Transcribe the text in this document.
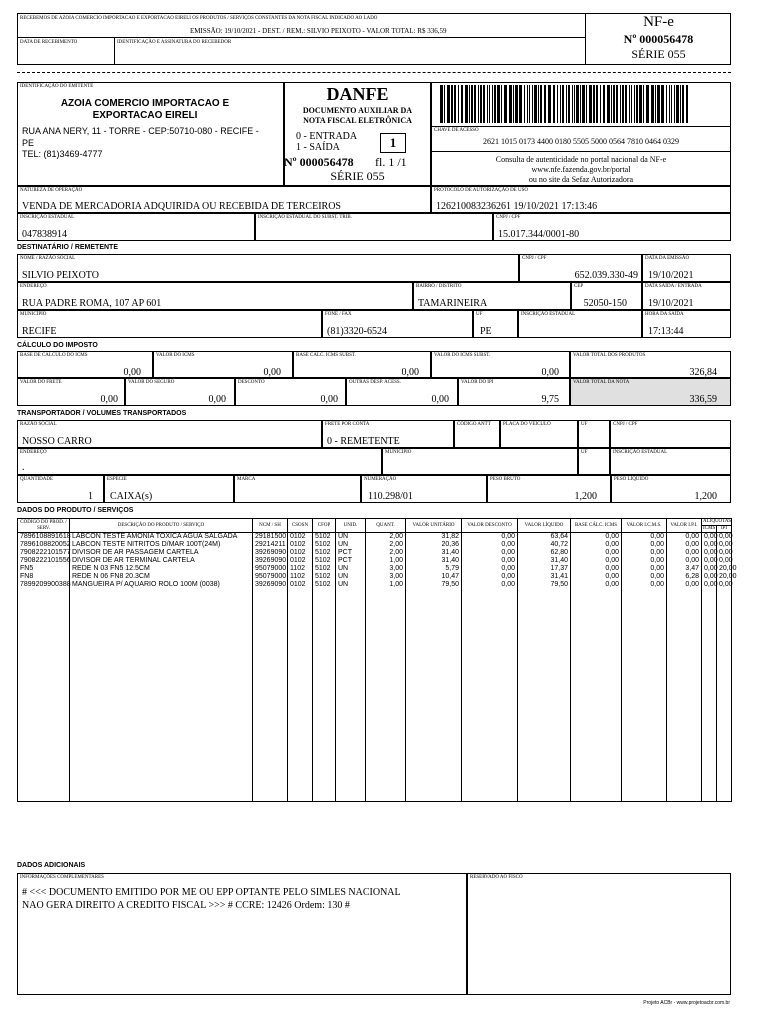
RECEBEMOS DE AZOIA COMERCIO IMPORTACAO E EXPORTACAO EIRELI OS PRODUTOS / SERVIÇOS CONSTANTES DA NOTA FISCAL INDICADO AO LADO
EMISSÃO: 19/10/2021 - DEST. / REM.: SILVIO PEIXOTO - VALOR TOTAL: R$ 336,59
DATA DE RECEBIMENTO	IDENTIFICAÇÃO E ASSINATURA DO RECEBEDOR
NF-e
Nº 000056478
SÉRIE 055
IDENTIFICAÇÃO DO EMITENTE
AZOIA COMERCIO IMPORTACAO E
EXPORTACAO EIRELI
RUA ANA NERY, 11 - TORRE - CEP:50710-080 - RECIFE -
PE
TEL: (81)3469-4777
DANFE
DOCUMENTO AUXILIAR DA
NOTA FISCAL ELETRÔNICA
0 - ENTRADA
1 - SAÍDA	1
Nº 000056478 fl. 1 /1
SÉRIE 055
CHAVE DE ACESSO
2621 1015 0173 4400 0180 5505 5000 0564 7810 0464 0329
Consulta de autenticidade no portal nacional da NF-e
www.nfe.fazenda.gov.br/portal
ou no site da Sefaz Autorizadora
NATUREZA DE OPERAÇÃO
VENDA DE MERCADORIA ADQUIRIDA OU RECEBIDA DE TERCEIROS
PROTOCOLO DE AUTORIZAÇÃO DE USO
126210083236261 19/10/2021 17:13:46
INSCRIÇÃO ESTADUAL
047838914
INSCRIÇÃO ESTADUAL DO SUBST. TRIB.	CNPJ / CPF
15.017.344/0001-80
DESTINATÁRIO / REMETENTE
NOME / RAZÃO SOCIAL
SILVIO PEIXOTO
CNPJ / CPF
652.039.330-49
DATA DA EMISSÃO
19/10/2021
ENDEREÇO
RUA PADRE ROMA, 107 AP 601
BAIRRO / DISTRITO
TAMARINEIRA
CEP
52050-150
DATA SAÍDA / ENTRADA
19/10/2021
MUNICÍPIO
RECIFE
FONE / FAX
(81)3320-6524
UF
PE
INSCRIÇÃO ESTADUAL	HORA DA SAÍDA
17:13:44
CÁLCULO DO IMPOSTO
BASE DE CÁLCULO DO ICMS
0,00
VALOR DO ICMS
0,00
BASE CALC. ICMS SUBST.
0,00
VALOR DO ICMS SUBST.
0,00
VALOR TOTAL DOS PRODUTOS
326,84
VALOR DO FRETE
0,00
VALOR DO SEGURO
0,00
DESCONTO
0,00
OUTRAS DESP. ACESS.
0,00
VALOR DO IPI
9,75
VALOR TOTAL DA NOTA
336,59
TRANSPORTADOR / VOLUMES TRANSPORTADOS
RAZÃO SOCIAL
NOSSO CARRO
FRETE POR CONTA
0 - REMETENTE
CÓDIGO ANTT PLACA DO VEÍCULO	UF	CNPJ / CPF
ENDEREÇO
.
MUNICÍPIO	UF	INSCRIÇÃO ESTADUAL
QUANTIDADE
1
ESPÉCIE
CAIXA(s)
MARCA	NUMERAÇÃO
110.298/01
PESO BRUTO
1,200
PESO LÍQUIDO
1,200
DADOS DO PRODUTO / SERVIÇOS
CÓDIGO DO PROD. / SERV.	DESCRIÇÃO DO PRODUTO / SERVIÇO	NCM / SH	CSOSN	CFOP	UNID.	QUANT.	VALOR UNITÁRIO	VALOR DESCONTO	VALOR LÍQUIDO	BASE CÁLC. ICMS	VALOR I.C.M.S.	VALOR I.P.I.	ALÍQUOTAS	
													ICMS	IPI
7896108891618	LABCON TESTE AMONIA TOXICA AGUA SALGADA	29181500	0102	5102	UN	2,00	31,82	0,00	63,64	0,00	0,00	0,00	0,00	0,00
7896108820052	LABCON TESTE NITRITOS D/MAR 100T(24M)	29214211	0102	5102	UN	2,00	20,36	0,00	40,72	0,00	0,00	0,00	0,00	0,00
7908222101577	DIVISOR DE AR PASSAGEM CARTELA	39269090	0102	5102	PCT	2,00	31,40	0,00	62,80	0,00	0,00	0,00	0,00	0,00
7908222101556	DIVISOR DE AR TERMINAL CARTELA	39269090	0102	5102	PCT	1,00	31,40	0,00	31,40	0,00	0,00	0,00	0,00	0,00
FN5	REDE N 03 FN5 12.5CM	95079000	1102	5102	UN	3,00	5,79	0,00	17,37	0,00	0,00	3,47	0,00	20,00
FN8	REDE N 06 FN8 20.3CM	95079000	1102	5102	UN	3,00	10,47	0,00	31,41	0,00	0,00	6,28	0,00	20,00
7899209900388	MANGUEIRA P/ AQUARIO ROLO 100M (0038)	39269090	0102	5102	UN	1,00	79,50	0,00	79,50	0,00	0,00	0,00	0,00	0,00

DADOS ADICIONAIS
INFORMAÇÕES COMPLEMENTARES
# <<< DOCUMENTO EMITIDO POR ME OU EPP OPTANTE PELO SIMLES NACIONAL
NAO GERA DIREITO A CREDITO FISCAL >>> # CCRE: 12426 Ordem: 130 #
RESERVADO AO FISCO
Projeto ACBr - www.projetoacbr.com.br
